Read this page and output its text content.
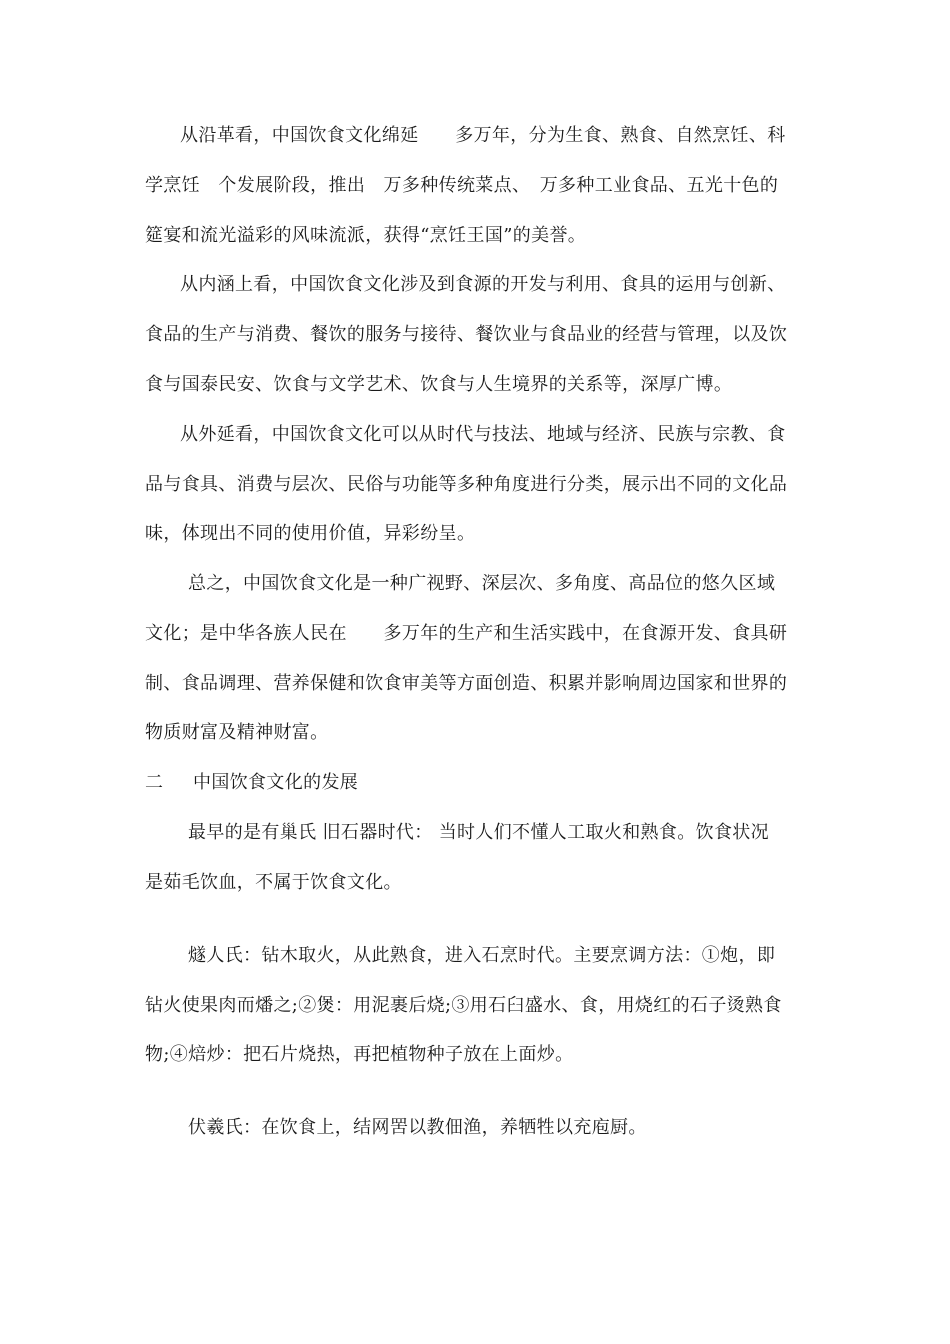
从沿革看，中国饮食文化绵延　　多万年，分为生食、熟食、自然烹饪、科
学烹饪　个发展阶段，推出　万多种传统菜点、　万多种工业食品、五光十色的
筵宴和流光溢彩的风味流派，获得“烹饪王国”的美誉。
从内涵上看，中国饮食文化涉及到食源的开发与利用、食具的运用与创新、
食品的生产与消费、餐饮的服务与接待、餐饮业与食品业的经营与管理，以及饮
食与国泰民安、饮食与文学艺术、饮食与人生境界的关系等，深厚广博。
从外延看，中国饮食文化可以从时代与技法、地域与经济、民族与宗教、食
品与食具、消费与层次、民俗与功能等多种角度进行分类，展示出不同的文化品
味，体现出不同的使用价值，异彩纷呈。
总之，中国饮食文化是一种广视野、深层次、多角度、高品位的悠久区域
文化；是中华各族人民在　　多万年的生产和生活实践中，在食源开发、食具研
制、食品调理、营养保健和饮食审美等方面创造、积累并影响周边国家和世界的
物质财富及精神财富。
二 中国饮食文化的发展
最早的是有巢氏 旧石器时代： 当时人们不懂人工取火和熟食。饮食状况
是茹毛饮血，不属于饮食文化。
燧人氏：钻木取火，从此熟食，进入石烹时代。主要烹调方法：①炮，即
钻火使果肉而燔之;②煲：用泥裹后烧;③用石臼盛水、食，用烧红的石子烫熟食
物;④焙炒：把石片烧热，再把植物种子放在上面炒。
伏羲氏：在饮食上，结网罟以教佃渔，养牺牲以充庖厨。
